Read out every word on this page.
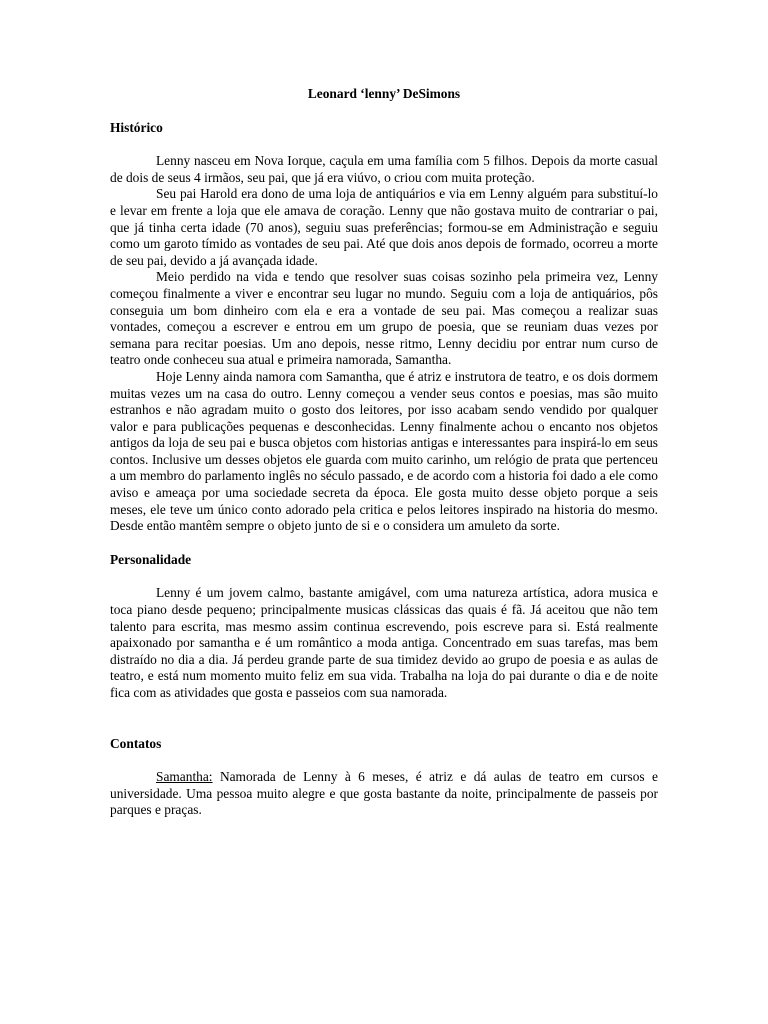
Leonard ‘lenny’ DeSimons
Histórico

Lenny nasceu em Nova Iorque, caçula em uma família com 5 filhos. Depois da morte casual de dois de seus 4 irmãos, seu pai, que já era viúvo, o criou com muita proteção.

Seu pai Harold era dono de uma loja de antiquários e via em Lenny alguém para substituí-lo e levar em frente a loja que ele amava de coração. Lenny que não gostava muito de contrariar o pai, que já tinha certa idade (70 anos), seguiu suas preferências; formou-se em Administração e seguiu como um garoto tímido as vontades de seu pai. Até que dois anos depois de formado, ocorreu a morte de seu pai, devido a já avançada idade.

Meio perdido na vida e tendo que resolver suas coisas sozinho pela primeira vez, Lenny começou finalmente a viver e encontrar seu lugar no mundo. Seguiu com a loja de antiquários, pôs conseguia um bom dinheiro com ela e era a vontade de seu pai. Mas começou a realizar suas vontades, começou a escrever e entrou em um grupo de poesia, que se reuniam duas vezes por semana para recitar poesias. Um ano depois, nesse ritmo, Lenny decidiu por entrar num curso de teatro onde conheceu sua atual e primeira namorada, Samantha.

Hoje Lenny ainda namora com Samantha, que é atriz e instrutora de teatro, e os dois dormem muitas vezes um na casa do outro. Lenny começou a vender seus contos e poesias, mas são muito estranhos e não agradam muito o gosto dos leitores, por isso acabam sendo vendido por qualquer valor e para publicações pequenas e desconhecidas. Lenny finalmente achou o encanto nos objetos antigos da loja de seu pai e busca objetos com historias antigas e interessantes para inspirá-lo em seus contos. Inclusive um desses objetos ele guarda com muito carinho, um relógio de prata que pertenceu a um membro do parlamento inglês no século passado, e de acordo com a historia foi dado a ele como aviso e ameaça por uma sociedade secreta da época. Ele gosta muito desse objeto porque a seis meses, ele teve um único conto adorado pela critica e pelos leitores inspirado na historia do mesmo. Desde então mantêm sempre o objeto junto de si e o considera um amuleto da sorte.

Personalidade

Lenny é um jovem calmo, bastante amigável, com uma natureza artística, adora musica e toca piano desde pequeno; principalmente musicas clássicas das quais é fã. Já aceitou que não tem talento para escrita, mas mesmo assim continua escrevendo, pois escreve para si. Está realmente apaixonado por samantha e é um romântico a moda antiga. Concentrado em suas tarefas, mas bem distraído no dia a dia. Já perdeu grande parte de sua timidez devido ao grupo de poesia e as aulas de teatro, e está num momento muito feliz em sua vida. Trabalha na loja do pai durante o dia e de noite fica com as atividades que gosta e passeios com sua namorada.

Contatos

Samantha: Namorada de Lenny à 6 meses, é atriz e dá aulas de teatro em cursos e universidade. Uma pessoa muito alegre e que gosta bastante da noite, principalmente de passeis por parques e praças.
